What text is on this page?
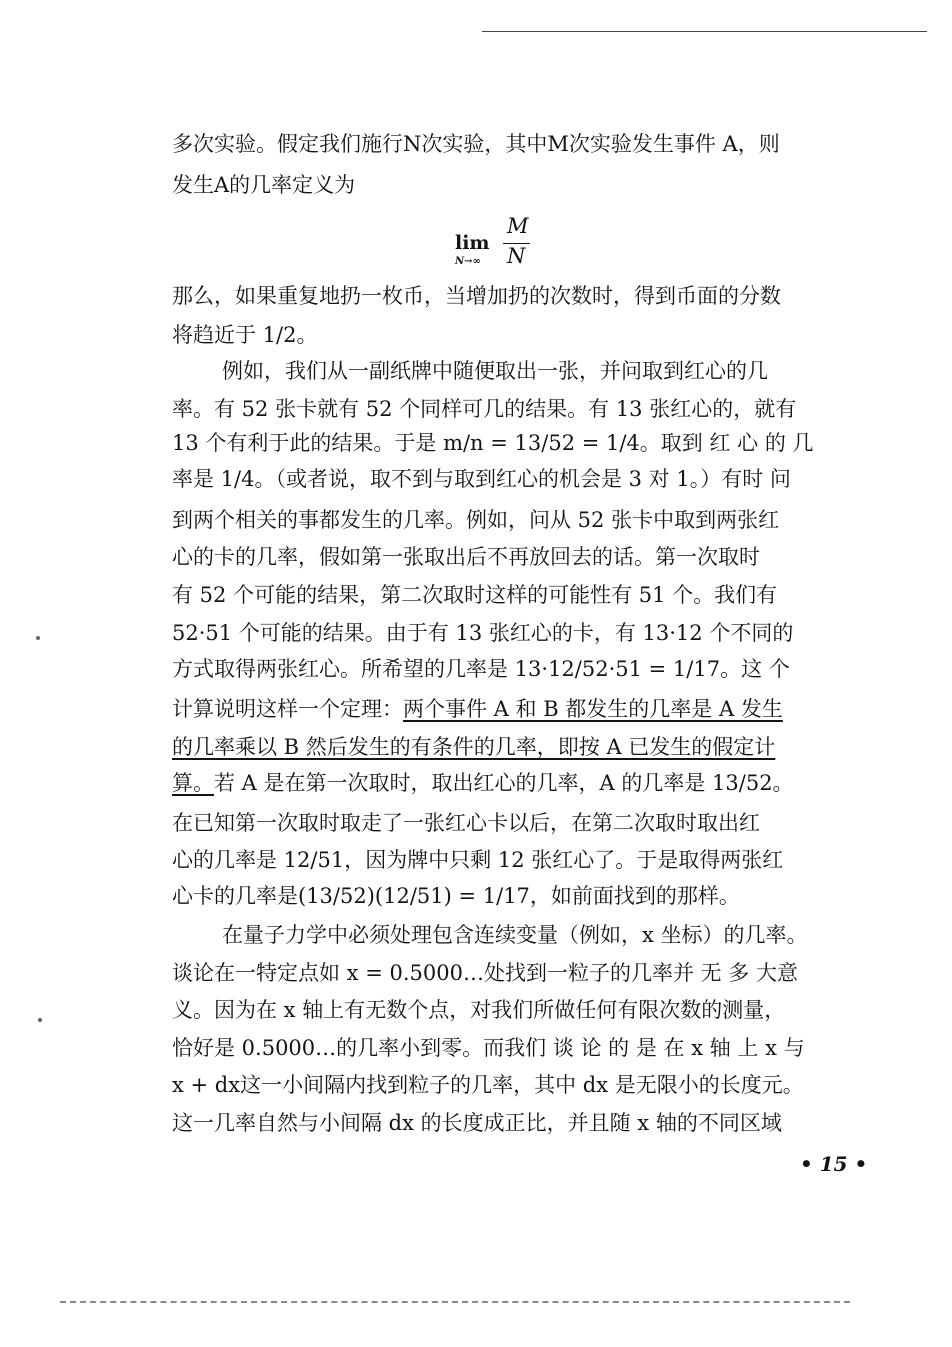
多次实验。假定我们施行N次实验，其中M次实验发生事件 A，则
发生A的几率定义为
lim
N→∞
M
N
那么，如果重复地扔一枚币，当增加扔的次数时，得到币面的分数
将趋近于 1/2。
例如，我们从一副纸牌中随便取出一张，并问取到红心的几
率。有 52 张卡就有 52 个同样可几的结果。有 13 张红心的，就有
13 个有利于此的结果。于是 m/n = 13/52 = 1/4。取到 红 心 的 几
率是 1/4。（或者说，取不到与取到红心的机会是 3 对 1。）有时 问
到两个相关的事都发生的几率。例如，问从 52 张卡中取到两张红
心的卡的几率，假如第一张取出后不再放回去的话。第一次取时
有 52 个可能的结果，第二次取时这样的可能性有 51 个。我们有
52·51 个可能的结果。由于有 13 张红心的卡，有 13·12 个不同的
方式取得两张红心。所希望的几率是 13·12/52·51 = 1/17。这 个
计算说明这样一个定理：两个事件 A 和 B 都发生的几率是 A 发生
的几率乘以 B 然后发生的有条件的几率，即按 A 已发生的假定计
算。若 A 是在第一次取时，取出红心的几率，A 的几率是 13/52。
在已知第一次取时取走了一张红心卡以后，在第二次取时取出红
心的几率是 12/51，因为牌中只剩 12 张红心了。于是取得两张红
心卡的几率是(13/52)(12/51) = 1/17，如前面找到的那样。
在量子力学中必须处理包含连续变量（例如，x 坐标）的几率。
谈论在一特定点如 x = 0.5000…处找到一粒子的几率并 无 多 大意
义。因为在 x 轴上有无数个点，对我们所做任何有限次数的测量，
恰好是 0.5000…的几率小到零。而我们 谈 论 的 是 在 x 轴 上 x 与
x + dx这一小间隔内找到粒子的几率，其中 dx 是无限小的长度元。
这一几率自然与小间隔 dx 的长度成正比，并且随 x 轴的不同区域
• 15 •
